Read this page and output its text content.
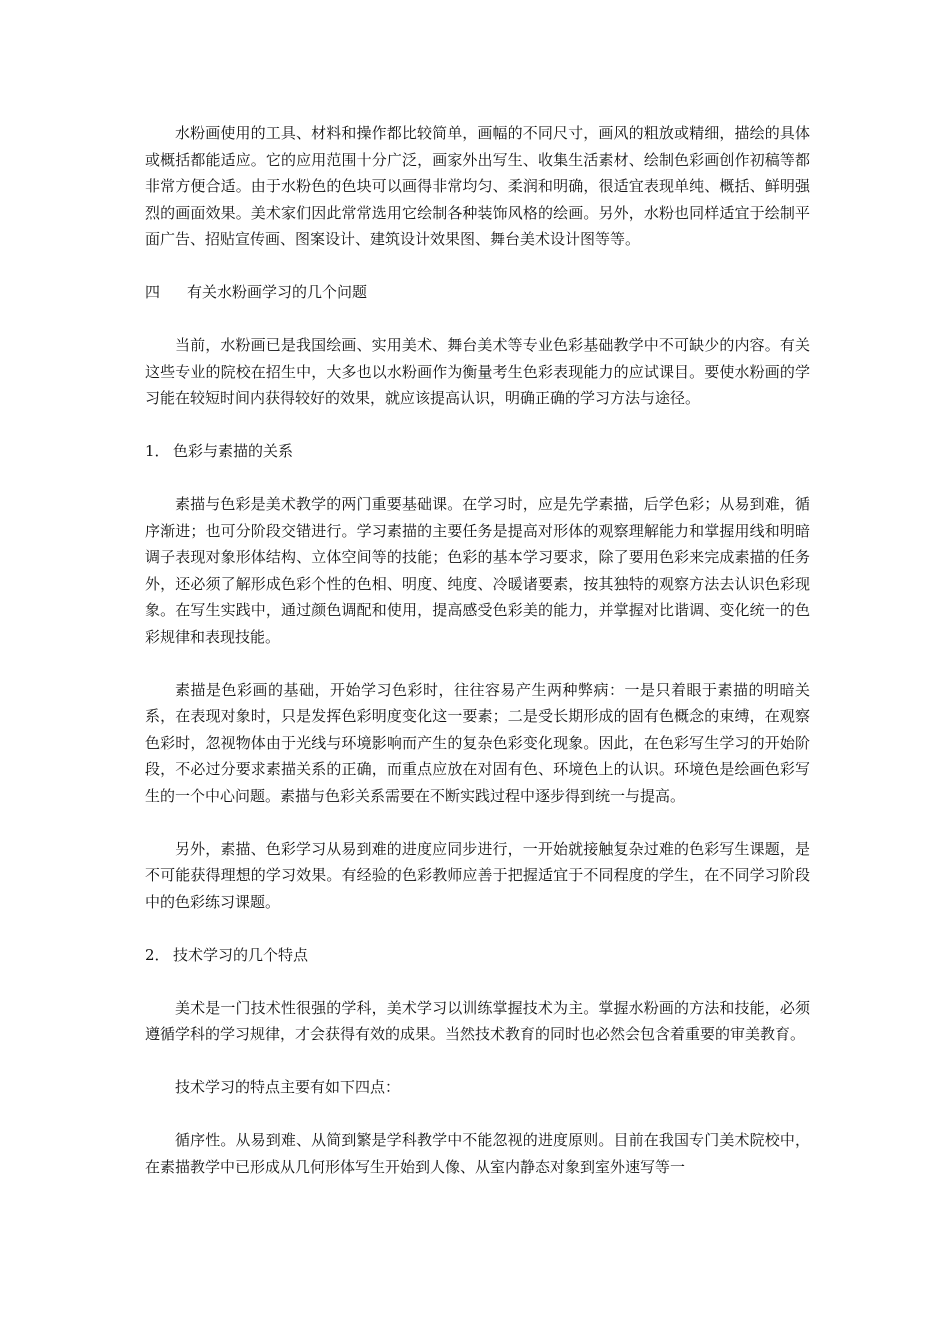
水粉画使用的工具、材料和操作都比较简单，画幅的不同尺寸，画风的粗放或精细，描绘的具体或概括都能适应。它的应用范围十分广泛，画家外出写生、收集生活素材、绘制色彩画创作初稿等都非常方便合适。由于水粉色的色块可以画得非常均匀、柔润和明确，很适宜表现单纯、概括、鲜明强烈的画面效果。美术家们因此常常选用它绘制各种装饰风格的绘画。另外，水粉也同样适宜于绘制平面广告、招贴宣传画、图案设计、建筑设计效果图、舞台美术设计图等等。

四 有关水粉画学习的几个问题

当前，水粉画已是我国绘画、实用美术、舞台美术等专业色彩基础教学中不可缺少的内容。有关这些专业的院校在招生中，大多也以水粉画作为衡量考生色彩表现能力的应试课目。要使水粉画的学习能在较短时间内获得较好的效果，就应该提高认识，明确正确的学习方法与途径。

1． 色彩与素描的关系

素描与色彩是美术教学的两门重要基础课。在学习时，应是先学素描，后学色彩；从易到难，循序渐进；也可分阶段交错进行。学习素描的主要任务是提高对形体的观察理解能力和掌握用线和明暗调子表现对象形体结构、立体空间等的技能；色彩的基本学习要求，除了要用色彩来完成素描的任务外，还必须了解形成色彩个性的色相、明度、纯度、冷暖诸要素，按其独特的观察方法去认识色彩现象。在写生实践中，通过颜色调配和使用，提高感受色彩美的能力，并掌握对比谐调、变化统一的色彩规律和表现技能。

素描是色彩画的基础，开始学习色彩时，往往容易产生两种弊病：一是只着眼于素描的明暗关系，在表现对象时，只是发挥色彩明度变化这一要素；二是受长期形成的固有色概念的束缚，在观察色彩时，忽视物体由于光线与环境影响而产生的复杂色彩变化现象。因此，在色彩写生学习的开始阶段，不必过分要求素描关系的正确，而重点应放在对固有色、环境色上的认识。环境色是绘画色彩写生的一个中心问题。素描与色彩关系需要在不断实践过程中逐步得到统一与提高。

另外，素描、色彩学习从易到难的进度应同步进行，一开始就接触复杂过难的色彩写生课题，是不可能获得理想的学习效果。有经验的色彩教师应善于把握适宜于不同程度的学生，在不同学习阶段中的色彩练习课题。

2． 技术学习的几个特点

美术是一门技术性很强的学科，美术学习以训练掌握技术为主。掌握水粉画的方法和技能，必须遵循学科的学习规律，才会获得有效的成果。当然技术教育的同时也必然会包含着重要的审美教育。

技术学习的特点主要有如下四点：

循序性。从易到难、从简到繁是学科教学中不能忽视的进度原则。目前在我国专门美术院校中，在素描教学中已形成从几何形体写生开始到人像、从室内静态对象到室外速写等一
